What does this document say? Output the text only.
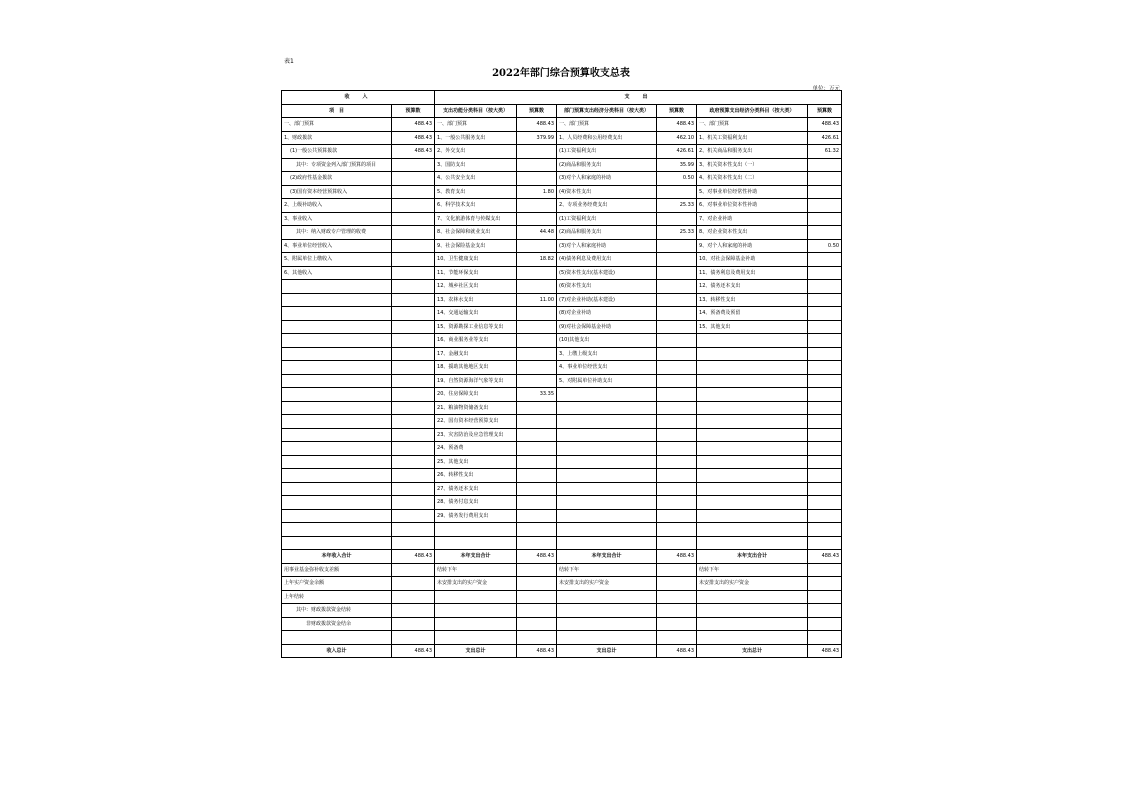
表1
2022年部门综合预算收支总表
单位：万元
收　入		支　出					
项　目	预算数	支出功能分类科目（按大类）	预算数	部门预算支出经济分类科目（按大类）	预算数	政府预算支出经济分类科目（按大类）	预算数
一、部门预算	488.43	一、部门预算	488.43	一、部门预算	488.43	一、部门预算	488.43
1、财政拨款	488.43	1、一般公共服务支出	379.99	1、人员经费和公用经费支出	462.10	1、机关工资福利支出	426.61
(1)一般公共预算拨款	488.43	2、外交支出		(1)工资福利支出	426.61	2、机关商品和服务支出	61.32
其中：专项资金列入部门预算的项目		3、国防支出		(2)商品和服务支出	35.99	3、机关资本性支出（一）	
(2)政府性基金拨款		4、公共安全支出		(3)对个人和家庭的补助	0.50	4、机关资本性支出（二）	
(3)国有资本经营预算收入		5、教育支出	1.80	(4)资本性支出		5、对事业单位经常性补助	
2、上级补助收入		6、科学技术支出		2、专项业务经费支出	25.33	6、对事业单位资本性补助	
3、事业收入		7、文化旅游体育与传媒支出		(1)工资福利支出		7、对企业补助	
其中：纳入财政专户管理的收费		8、社会保障和就业支出	44.48	(2)商品和服务支出	25.33	8、对企业资本性支出	
4、事业单位经营收入		9、社会保险基金支出		(3)对个人和家庭补助		9、对个人和家庭的补助	0.50
5、附属单位上缴收入		10、卫生健康支出	18.82	(4)债务利息及费用支出		10、对社会保障基金补助	
6、其他收入		11、节能环保支出		(5)资本性支出(基本建设)		11、债务利息及费用支出	
		12、城乡社区支出		(6)资本性支出		12、债务还本支出	
		13、农林水支出	11.00	(7)对企业补助(基本建设)		13、转移性支出	
		14、交通运输支出		(8)对企业补助		14、预备费及预留	
		15、资源勘探工业信息等支出		(9)对社会保障基金补助		15、其他支出	
		16、商业服务业等支出		(10)其他支出			
		17、金融支出		3、上缴上级支出			
		18、援助其他地区支出		4、事业单位经营支出			
		19、自然资源海洋气象等支出		5、对附属单位补助支出			
		20、住房保障支出	33.35				
		21、粮油物资储备支出					
		22、国有资本经营预算支出					
		23、灾害防治及应急管理支出					
		24、预备费					
		25、其他支出					
		26、转移性支出					
		27、债务还本支出					
		28、债务付息支出					
		29、债务发行费用支出					

本年收入合计	488.43	本年支出合计	488.43	本年支出合计	488.43	本年支出合计	488.43
用事业基金弥补收支差额		结转下年		结转下年		结转下年	
上年实户资金余额		未安排支出的实户资金		未安排支出的实户资金		未安排支出的实户资金	
上年结转							
其中：财政拨款资金结转							
非财政拨款资金结余							

收入总计	488.43	支出总计	488.43	支出总计	488.43	支出总计	488.43
